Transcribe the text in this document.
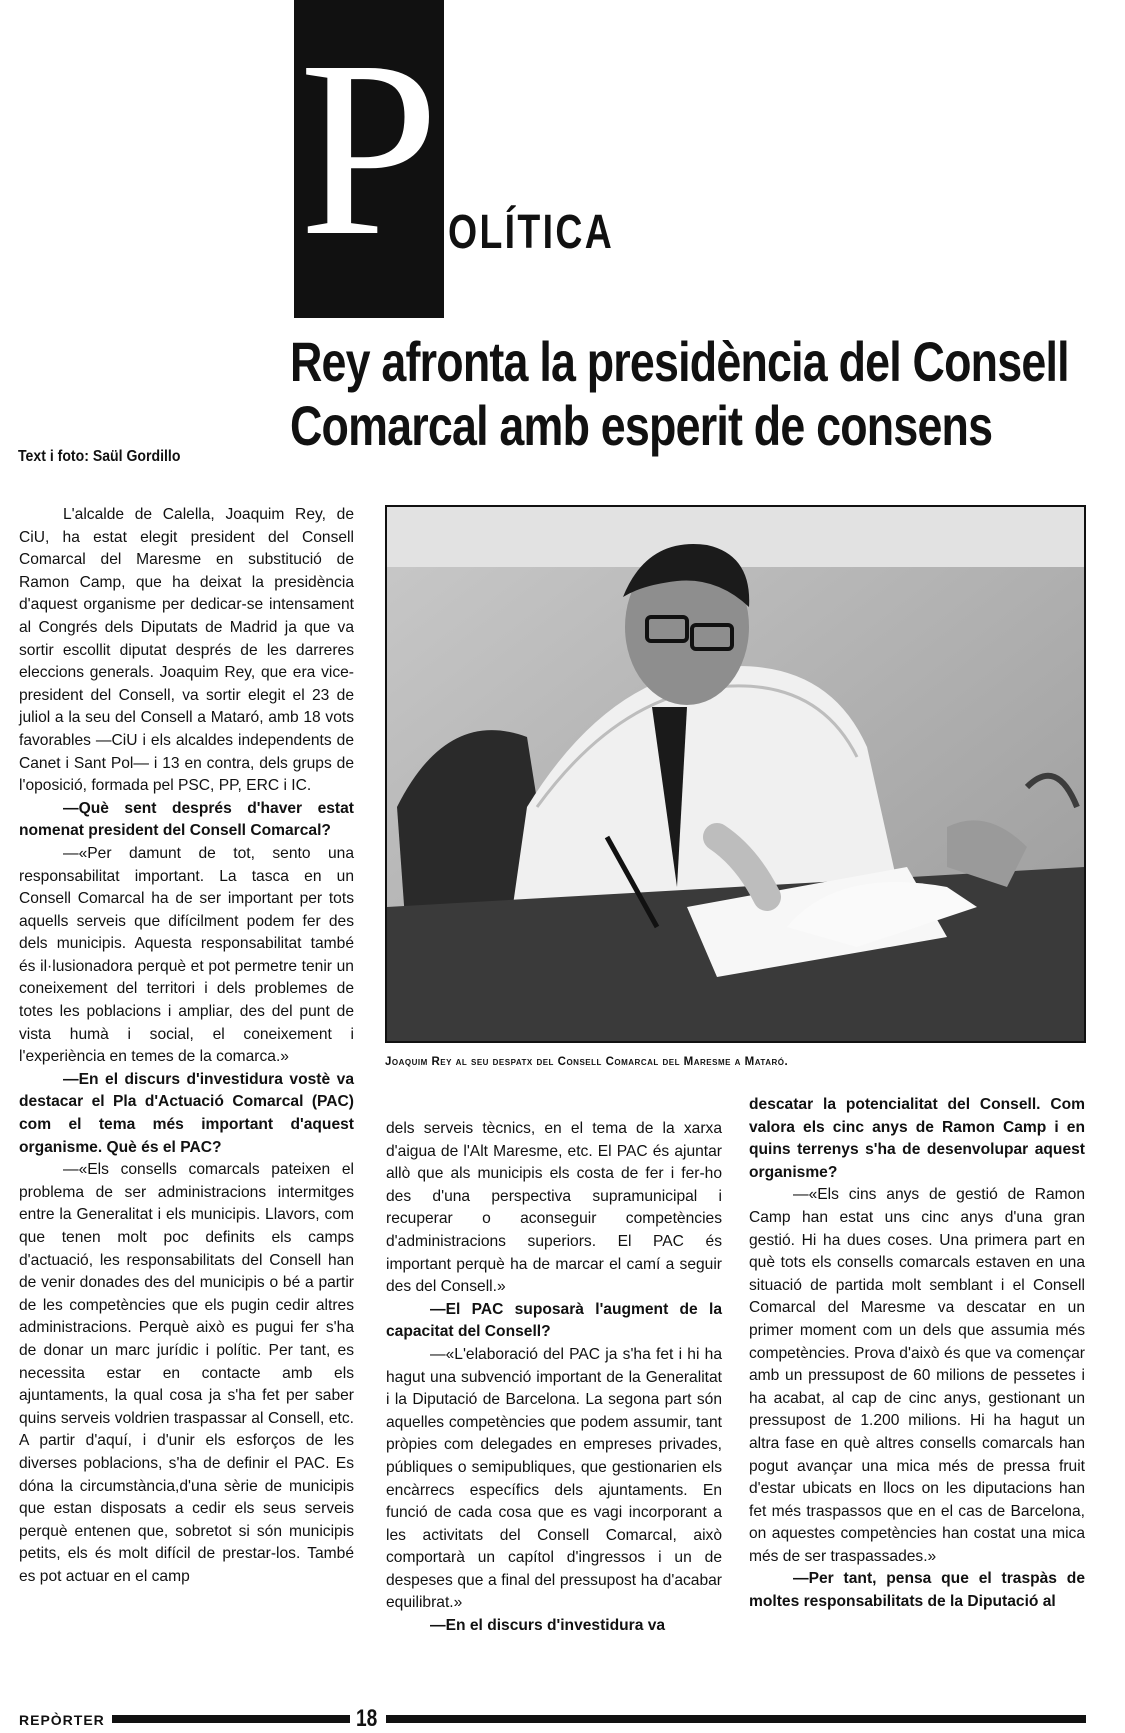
P OLÍTICA
Rey afronta la presidència del Consell
Comarcal amb esperit de consens
Text i foto: Saül Gordillo

L'alcalde de Calella, Joaquim Rey, de CiU, ha estat elegit president del Consell Comarcal del Maresme en substitució de Ramon Camp, que ha deixat la presidència d'aquest organisme per dedicar-se intensament al Congrés dels Diputats de Madrid ja que va sortir escollit diputat després de les darreres eleccions generals. Joaquim Rey, que era vice-president del Consell, va sortir elegit el 23 de juliol a la seu del Consell a Mataró, amb 18 vots favorables —CiU i els alcaldes independents de Canet i Sant Pol— i 13 en contra, dels grups de l'oposició, formada pel PSC, PP, ERC i IC.

—Què sent després d'haver estat nomenat president del Consell Comarcal?

—«Per damunt de tot, sento una responsabilitat important. La tasca en un Consell Comarcal ha de ser important per tots aquells serveis que difícilment podem fer des dels municipis. Aquesta responsabilitat també és il·lusionadora perquè et pot permetre tenir un coneixement del territori i dels problemes de totes les poblacions i ampliar, des del punt de vista humà i social, el coneixement i l'experiència en temes de la comarca.»

—En el discurs d'investidura vostè va destacar el Pla d'Actuació Comarcal (PAC) com el tema més important d'aquest organisme. Què és el PAC?

—«Els consells comarcals pateixen el problema de ser administracions intermitges entre la Generalitat i els municipis. Llavors, com que tenen molt poc definits els camps d'actuació, les responsabilitats del Consell han de venir donades des del municipis o bé a partir de les competències que els pugin cedir altres administracions. Perquè això es pugui fer s'ha de donar un marc jurídic i polític. Per tant, es necessita estar en contacte amb els ajuntaments, la qual cosa ja s'ha fet per saber quins serveis voldrien traspassar al Consell, etc. A partir d'aquí, i d'unir els esforços de les diverses poblacions, s'ha de definir el PAC. Es dóna la circumstància,d'una sèrie de municipis que estan disposats a cedir els seus serveis perquè entenen que, sobretot si són municipis petits, els és molt difícil de prestar-los. També es pot actuar en el camp

Joaquim Rey al seu despatx del Consell Comarcal del Maresme a Mataró.

dels serveis tècnics, en el tema de la xarxa d'aigua de l'Alt Maresme, etc. El PAC és ajuntar allò que als municipis els costa de fer i fer-ho des d'una perspectiva supramunicipal i recuperar o aconseguir competències d'administracions superiors. El PAC és important perquè ha de marcar el camí a seguir des del Consell.»

—El PAC suposarà l'augment de la capacitat del Consell?

—«L'elaboració del PAC ja s'ha fet i hi ha hagut una subvenció important de la Generalitat i la Diputació de Barcelona. La segona part són aquelles competències que podem assumir, tant pròpies com delegades en empreses privades, públiques o semipubliques, que gestionarien els encàrrecs específics dels ajuntaments. En funció de cada cosa que es vagi incorporant a les activitats del Consell Comarcal, això comportarà un capítol d'ingressos i un de despeses que a final del pressupost ha d'acabar equilibrat.»

—En el discurs d'investidura va

descatar la potencialitat del Consell. Com valora els cinc anys de Ramon Camp i en quins terrenys s'ha de desenvolupar aquest organisme?

—«Els cins anys de gestió de Ramon Camp han estat uns cinc anys d'una gran gestió. Hi ha dues coses. Una primera part en què tots els consells comarcals estaven en una situació de partida molt semblant i el Consell Comarcal del Maresme va descatar en un primer moment com un dels que assumia més competències. Prova d'això és que va començar amb un pressupost de 60 milions de pessetes i ha acabat, al cap de cinc anys, gestionant un pressupost de 1.200 milions. Hi ha hagut un altra fase en què altres consells comarcals han pogut avançar una mica més de pressa fruit d'estar ubicats en llocs on les diputacions han fet més traspassos que en el cas de Barcelona, on aquestes competències han costat una mica més de ser traspassades.»

—Per tant, pensa que el traspàs de moltes responsabilitats de la Diputació al

REPÒRTER	18
